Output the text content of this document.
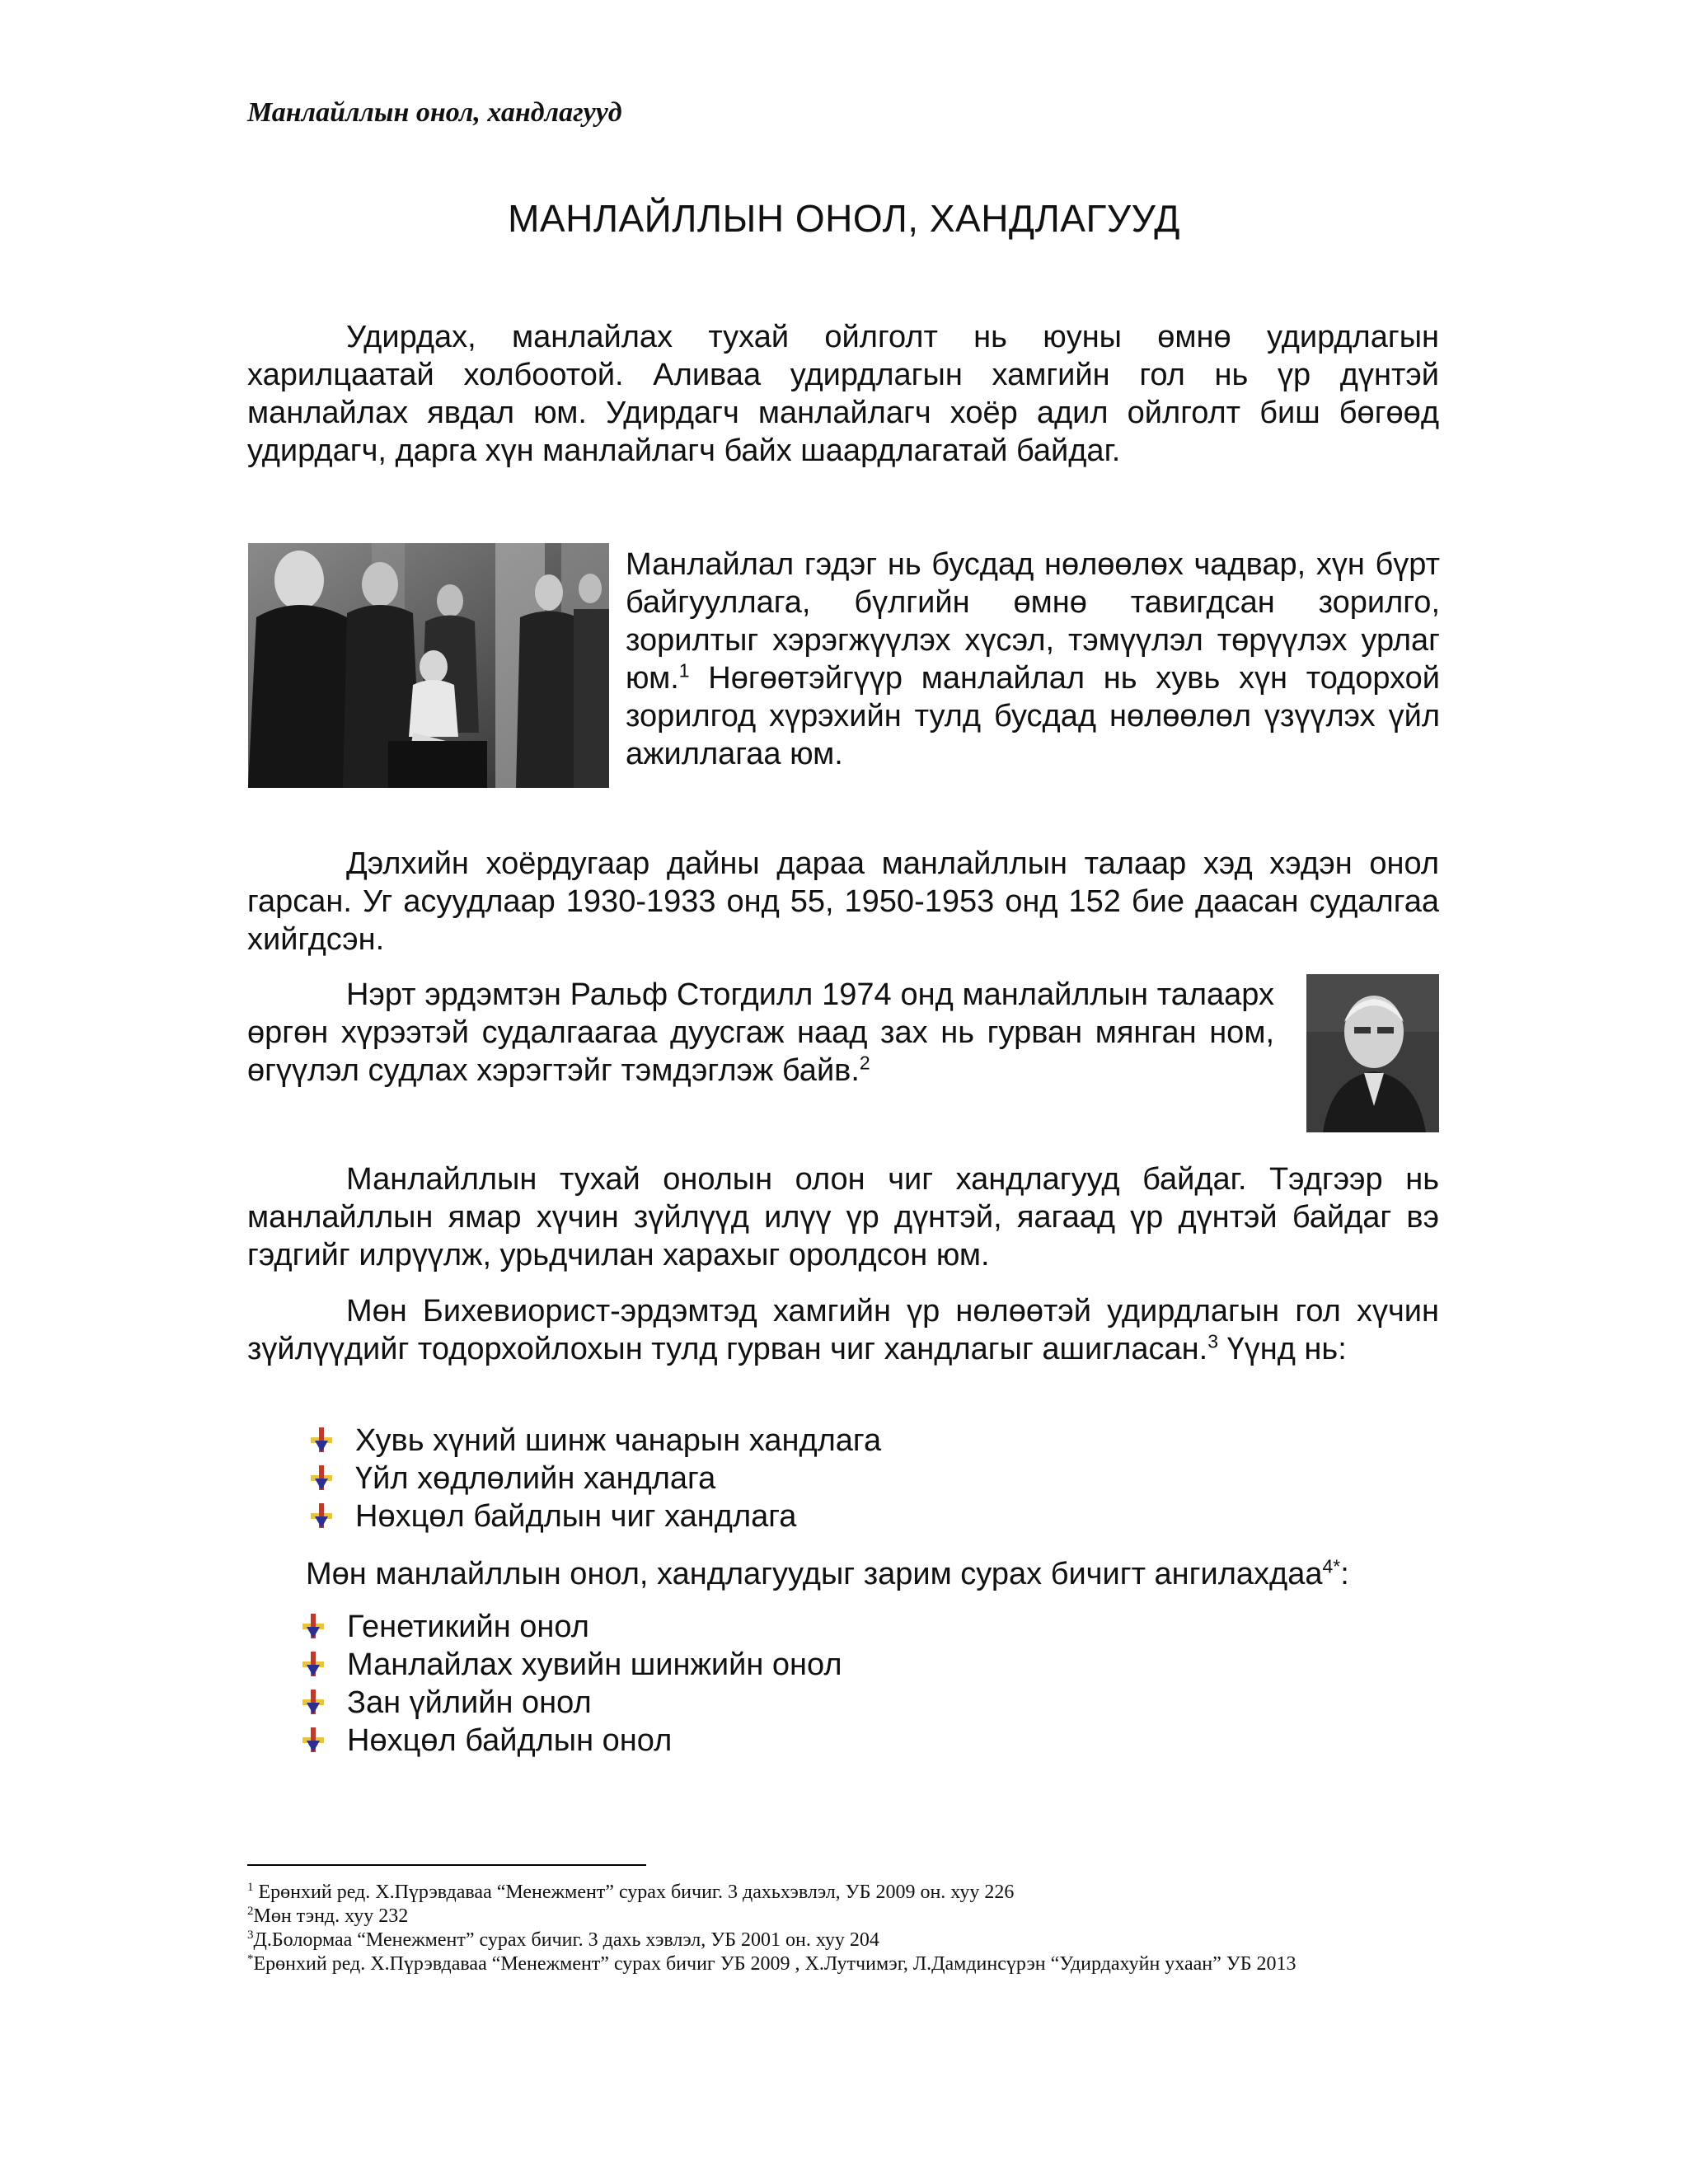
Манлайллын онол, хандлагууд
МАНЛАЙЛЛЫН ОНОЛ, ХАНДЛАГУУД

Удирдах, манлайлах тухай ойлголт нь юуны өмнө удирдлагын харилцаатай холбоотой. Аливаа удирдлагын хамгийн гол нь үр дүнтэй манлайлах явдал юм. Удирдагч манлайлагч хоёр адил ойлголт биш бөгөөд удирдагч, дарга хүн манлайлагч байх шаардлагатай байдаг.

Манлайлал гэдэг нь бусдад нөлөөлөх чадвар, хүн бүрт байгууллага, бүлгийн өмнө тавигдсан зорилго, зорилтыг хэрэгжүүлэх хүсэл, тэмүүлэл төрүүлэх урлаг юм.$^1$ Нөгөөтэйгүүр манлайлал нь хувь хүн тодорхой зорилгод хүрэхийн тулд бусдад нөлөөлөл үзүүлэх үйл ажиллагаа юм.

Дэлхийн хоёрдугаар дайны дараа манлайллын талаар хэд хэдэн онол гарсан. Уг асуудлаар 1930-1933 онд 55, 1950-1953 онд 152 бие даасан судалгаа хийгдсэн.

Нэрт эрдэмтэн Ральф Стогдилл 1974 онд манлайллын талаарх өргөн хүрээтэй судалгаагаа дуусгаж наад зах нь гурван мянган ном, өгүүлэл судлах хэрэгтэйг тэмдэглэж байв.$^2$

Манлайллын тухай онолын олон чиг хандлагууд байдаг. Тэдгээр нь манлайллын ямар хүчин зүйлүүд илүү үр дүнтэй, яагаад үр дүнтэй байдаг вэ гэдгийг илрүүлж, урьдчилан харахыг оролдсон юм.

Мөн Бихевиорист-эрдэмтэд хамгийн үр нөлөөтэй удирдлагын гол хүчин зүйлүүдийг тодорхойлохын тулд гурван чиг хандлагыг ашигласан.$^3$ Үүнд нь:

Хувь хүний шинж чанарын хандлага
Үйл хөдлөлийн хандлага
Нөхцөл байдлын чиг хандлага

Мөн манлайллын онол, хандлагуудыг зарим сурах бичигт ангилахдаа$^{4*}$:

Генетикийн онол
Манлайлах хувийн шинжийн онол
Зан үйлийн онол
Нөхцөл байдлын онол
$^1$ Ерөнхий ред. Х.Пүрэвдаваа “Менежмент” сурах бичиг. 3 дахьхэвлэл, УБ 2009 он. хуу 226
$^2$Мөн тэнд. хуу 232
$^3$Д.Болормаа “Менежмент” сурах бичиг. 3 дахь хэвлэл, УБ 2001 он. хуу 204
*Ерөнхий ред. Х.Пүрэвдаваа “Менежмент” сурах бичиг УБ 2009 , Х.Лутчимэг, Л.Дамдинсүрэн “Удирдахуйн ухаан” УБ 2013
